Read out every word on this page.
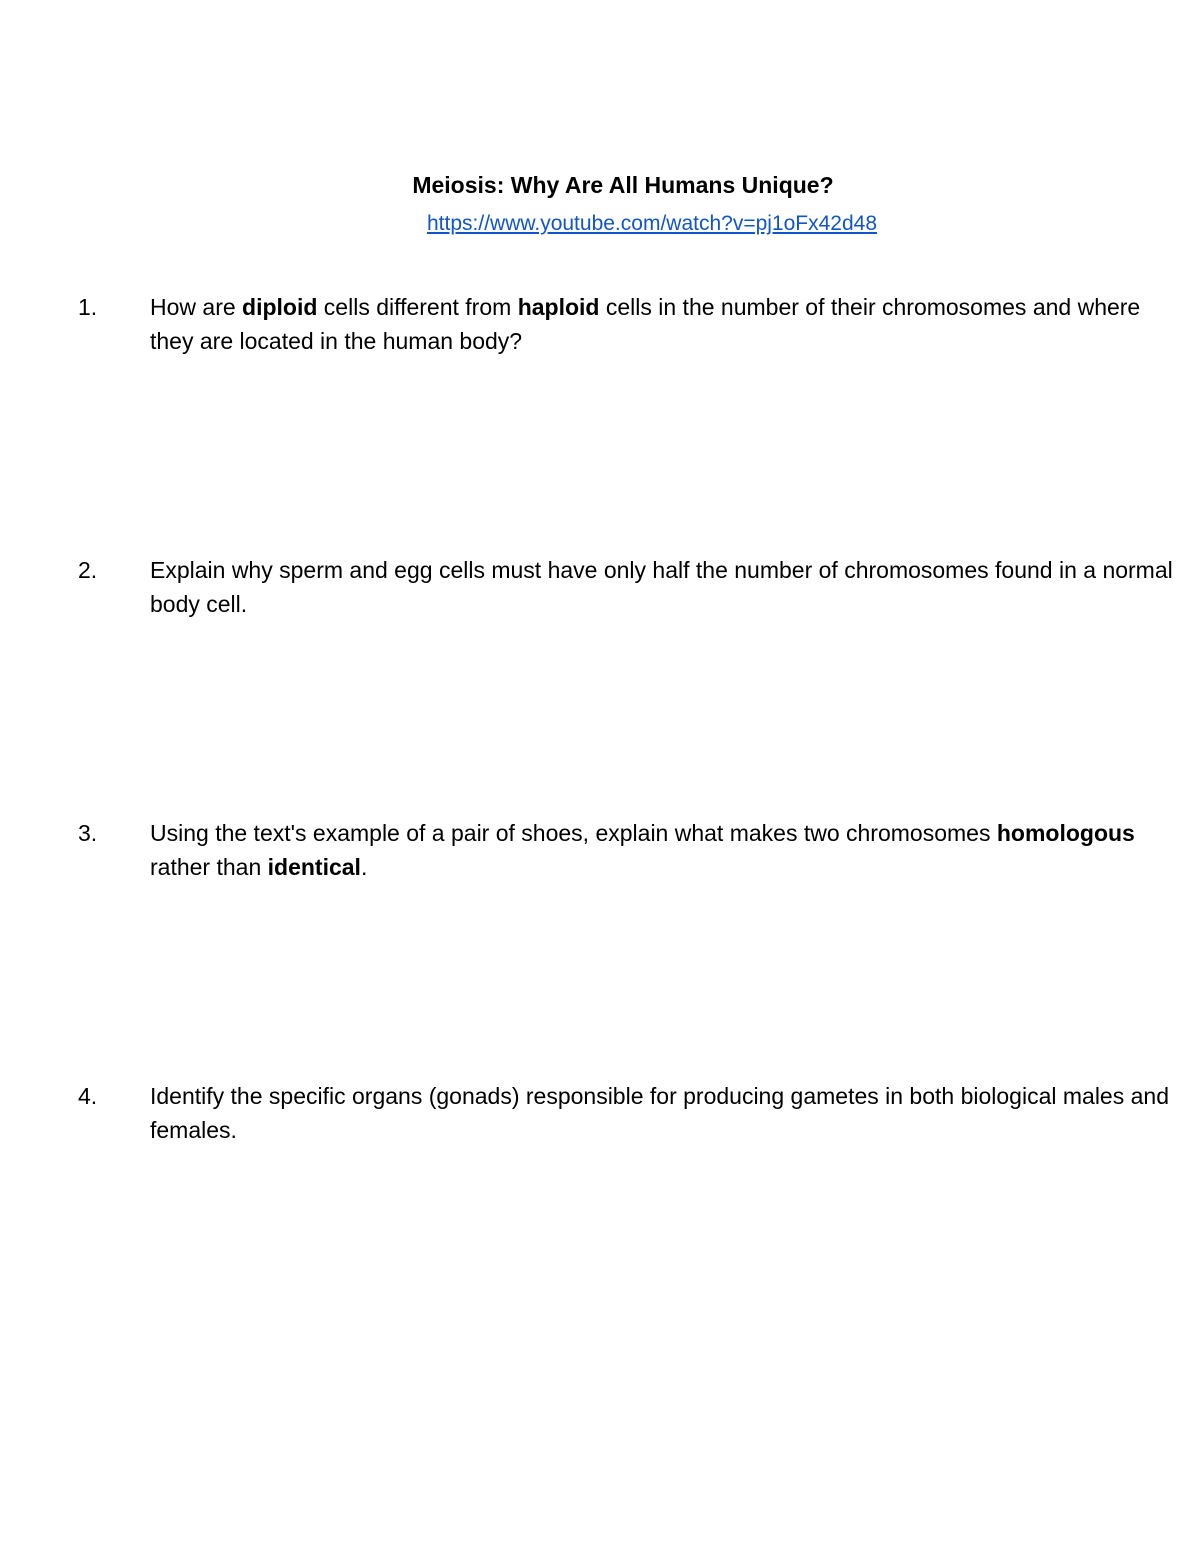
Meiosis: Why Are All Humans Unique?
https://www.youtube.com/watch?v=pj1oFx42d48
1. How are diploid cells different from haploid cells in the number of their chromosomes and where they are located in the human body?
2. Explain why sperm and egg cells must have only half the number of chromosomes found in a normal body cell.
3. Using the text's example of a pair of shoes, explain what makes two chromosomes homologous rather than identical.
4. Identify the specific organs (gonads) responsible for producing gametes in both biological males and females.
